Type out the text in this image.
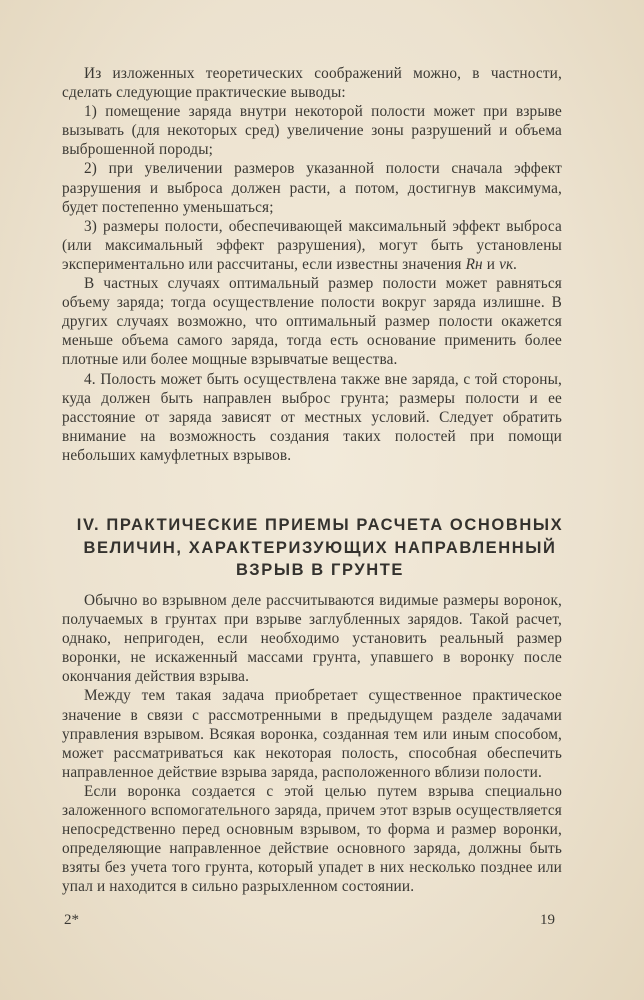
Из изложенных теоретических соображений можно, в частности, сделать следующие практические выводы:

1) помещение заряда внутри некоторой полости может при взрыве вызывать (для некоторых сред) увеличение зоны разрушений и объема выброшенной породы;

2) при увеличении размеров указанной полости сначала эффект разрушения и выброса должен расти, а потом, достигнув максимума, будет постепенно уменьшаться;

3) размеры полости, обеспечивающей максимальный эффект выброса (или максимальный эффект разрушения), могут быть установлены экспериментально или рассчитаны, если известны значения Rн и vк.

В частных случаях оптимальный размер полости может равняться объему заряда; тогда осуществление полости вокруг заряда излишне. В других случаях возможно, что оптимальный размер полости окажется меньше объема самого заряда, тогда есть основание применить более плотные или более мощные взрывчатые вещества.

4. Полость может быть осуществлена также вне заряда, с той стороны, куда должен быть направлен выброс грунта; размеры полости и ее расстояние от заряда зависят от местных условий. Следует обратить внимание на возможность создания таких полостей при помощи небольших камуфлетных взрывов.

IV. ПРАКТИЧЕСКИЕ ПРИЕМЫ РАСЧЕТА ОСНОВНЫХ
ВЕЛИЧИН, ХАРАКТЕРИЗУЮЩИХ НАПРАВЛЕННЫЙ
ВЗРЫВ В ГРУНТЕ

Обычно во взрывном деле рассчитываются видимые размеры воронок, получаемых в грунтах при взрыве заглубленных зарядов. Такой расчет, однако, непригоден, если необходимо установить реальный размер воронки, не искаженный массами грунта, упавшего в воронку после окончания действия взрыва.

Между тем такая задача приобретает существенное практическое значение в связи с рассмотренными в предыдущем разделе задачами управления взрывом. Всякая воронка, созданная тем или иным способом, может рассматриваться как некоторая полость, способная обеспечить направленное действие взрыва заряда, расположенного вблизи полости.

Если воронка создается с этой целью путем взрыва специально заложенного вспомогательного заряда, причем этот взрыв осуществляется непосредственно перед основным взрывом, то форма и размер воронки, определяющие направленное действие основного заряда, должны быть взяты без учета того грунта, который упадет в них несколько позднее или упал и находится в сильно разрыхленном состоянии.

2*	19
